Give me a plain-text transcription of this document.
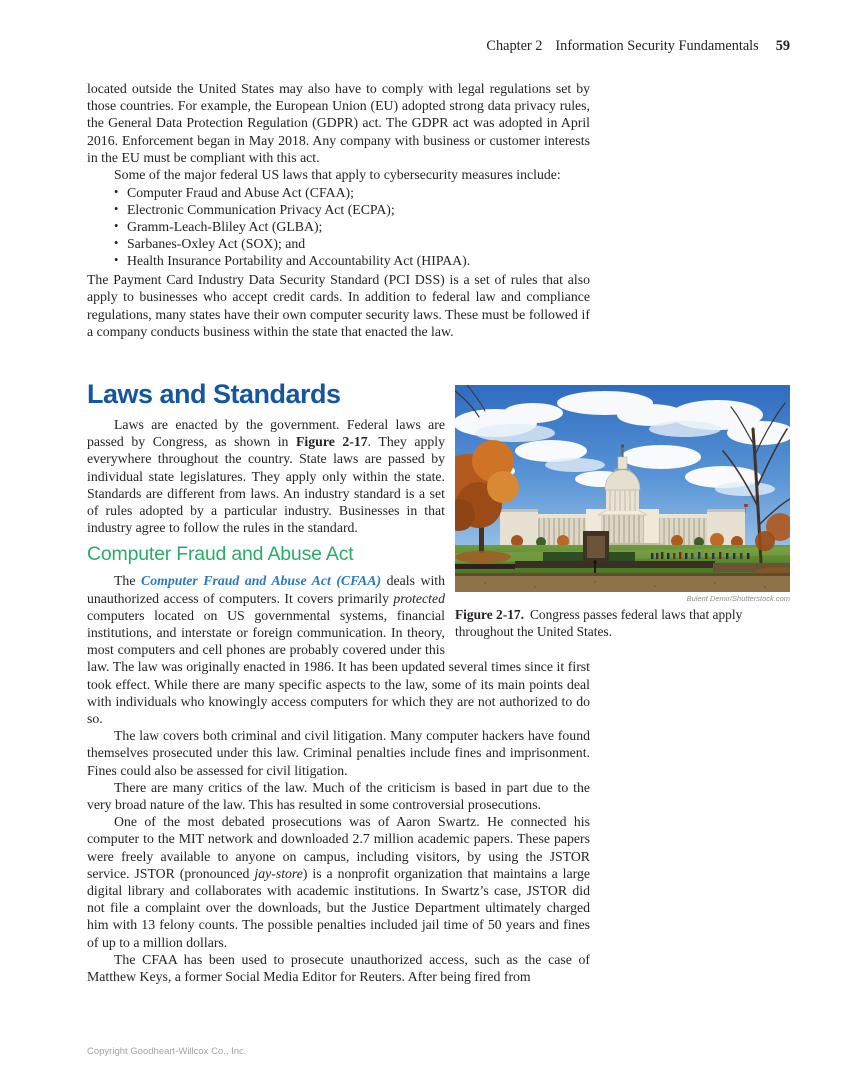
Chapter 2 Information Security Fundamentals 59

located outside the United States may also have to comply with legal regulations set by those countries. For example, the European Union (EU) adopted strong data privacy rules, the General Data Protection Regulation (GDPR) act. The GDPR act was adopted in April 2016. Enforcement began in May 2018. Any company with business or customer interests in the EU must be compliant with this act.

Some of the major federal US laws that apply to cybersecurity measures include:

• Computer Fraud and Abuse Act (CFAA);
• Electronic Communication Privacy Act (ECPA);
• Gramm-Leach-Bliley Act (GLBA);
• Sarbanes-Oxley Act (SOX); and
• Health Insurance Portability and Accountability Act (HIPAA).

The Payment Card Industry Data Security Standard (PCI DSS) is a set of rules that also apply to businesses who accept credit cards. In addition to federal law and compliance regulations, many states have their own computer security laws. These must be followed if a company conducts business within the state that enacted the law.

Bulent Demir/Shutterstock.com
Figure 2-17. Congress passes federal laws that apply throughout the United States.
Laws and Standards

Laws are enacted by the government. Federal laws are passed by Congress, as shown in Figure 2-17. They apply everywhere throughout the country. State laws are passed by individual state legislatures. They apply only within the state. Standards are different from laws. An industry standard is a set of rules adopted by a particular industry. Businesses in that industry agree to follow the rules in the standard.

Computer Fraud and Abuse Act

The Computer Fraud and Abuse Act (CFAA) deals with unauthorized access of computers. It covers primarily protected computers located on US governmental systems, financial institutions, and interstate or foreign communication. In theory, most computers and cell phones are probably covered under this law. The law was originally enacted in 1986. It has been updated several times since it first took effect. While there are many specific aspects to the law, some of its main points deal with individuals who knowingly access computers for which they are not authorized to do so.

The law covers both criminal and civil litigation. Many computer hackers have found themselves prosecuted under this law. Criminal penalties include fines and imprisonment. Fines could also be assessed for civil litigation.

There are many critics of the law. Much of the criticism is based in part due to the very broad nature of the law. This has resulted in some controversial prosecutions.

One of the most debated prosecutions was of Aaron Swartz. He connected his computer to the MIT network and downloaded 2.7 million academic papers. These papers were freely available to anyone on campus, including visitors, by using the JSTOR service. JSTOR (pronounced jay-store) is a nonprofit organization that maintains a large digital library and collaborates with academic institutions. In Swartz’s case, JSTOR did not file a complaint over the downloads, but the Justice Department ultimately charged him with 13 felony counts. The possible penalties included jail time of 50 years and fines of up to a million dollars.

The CFAA has been used to prosecute unauthorized access, such as the case of Matthew Keys, a former Social Media Editor for Reuters. After being fired from

Copyright Goodheart-Willcox Co., Inc.
